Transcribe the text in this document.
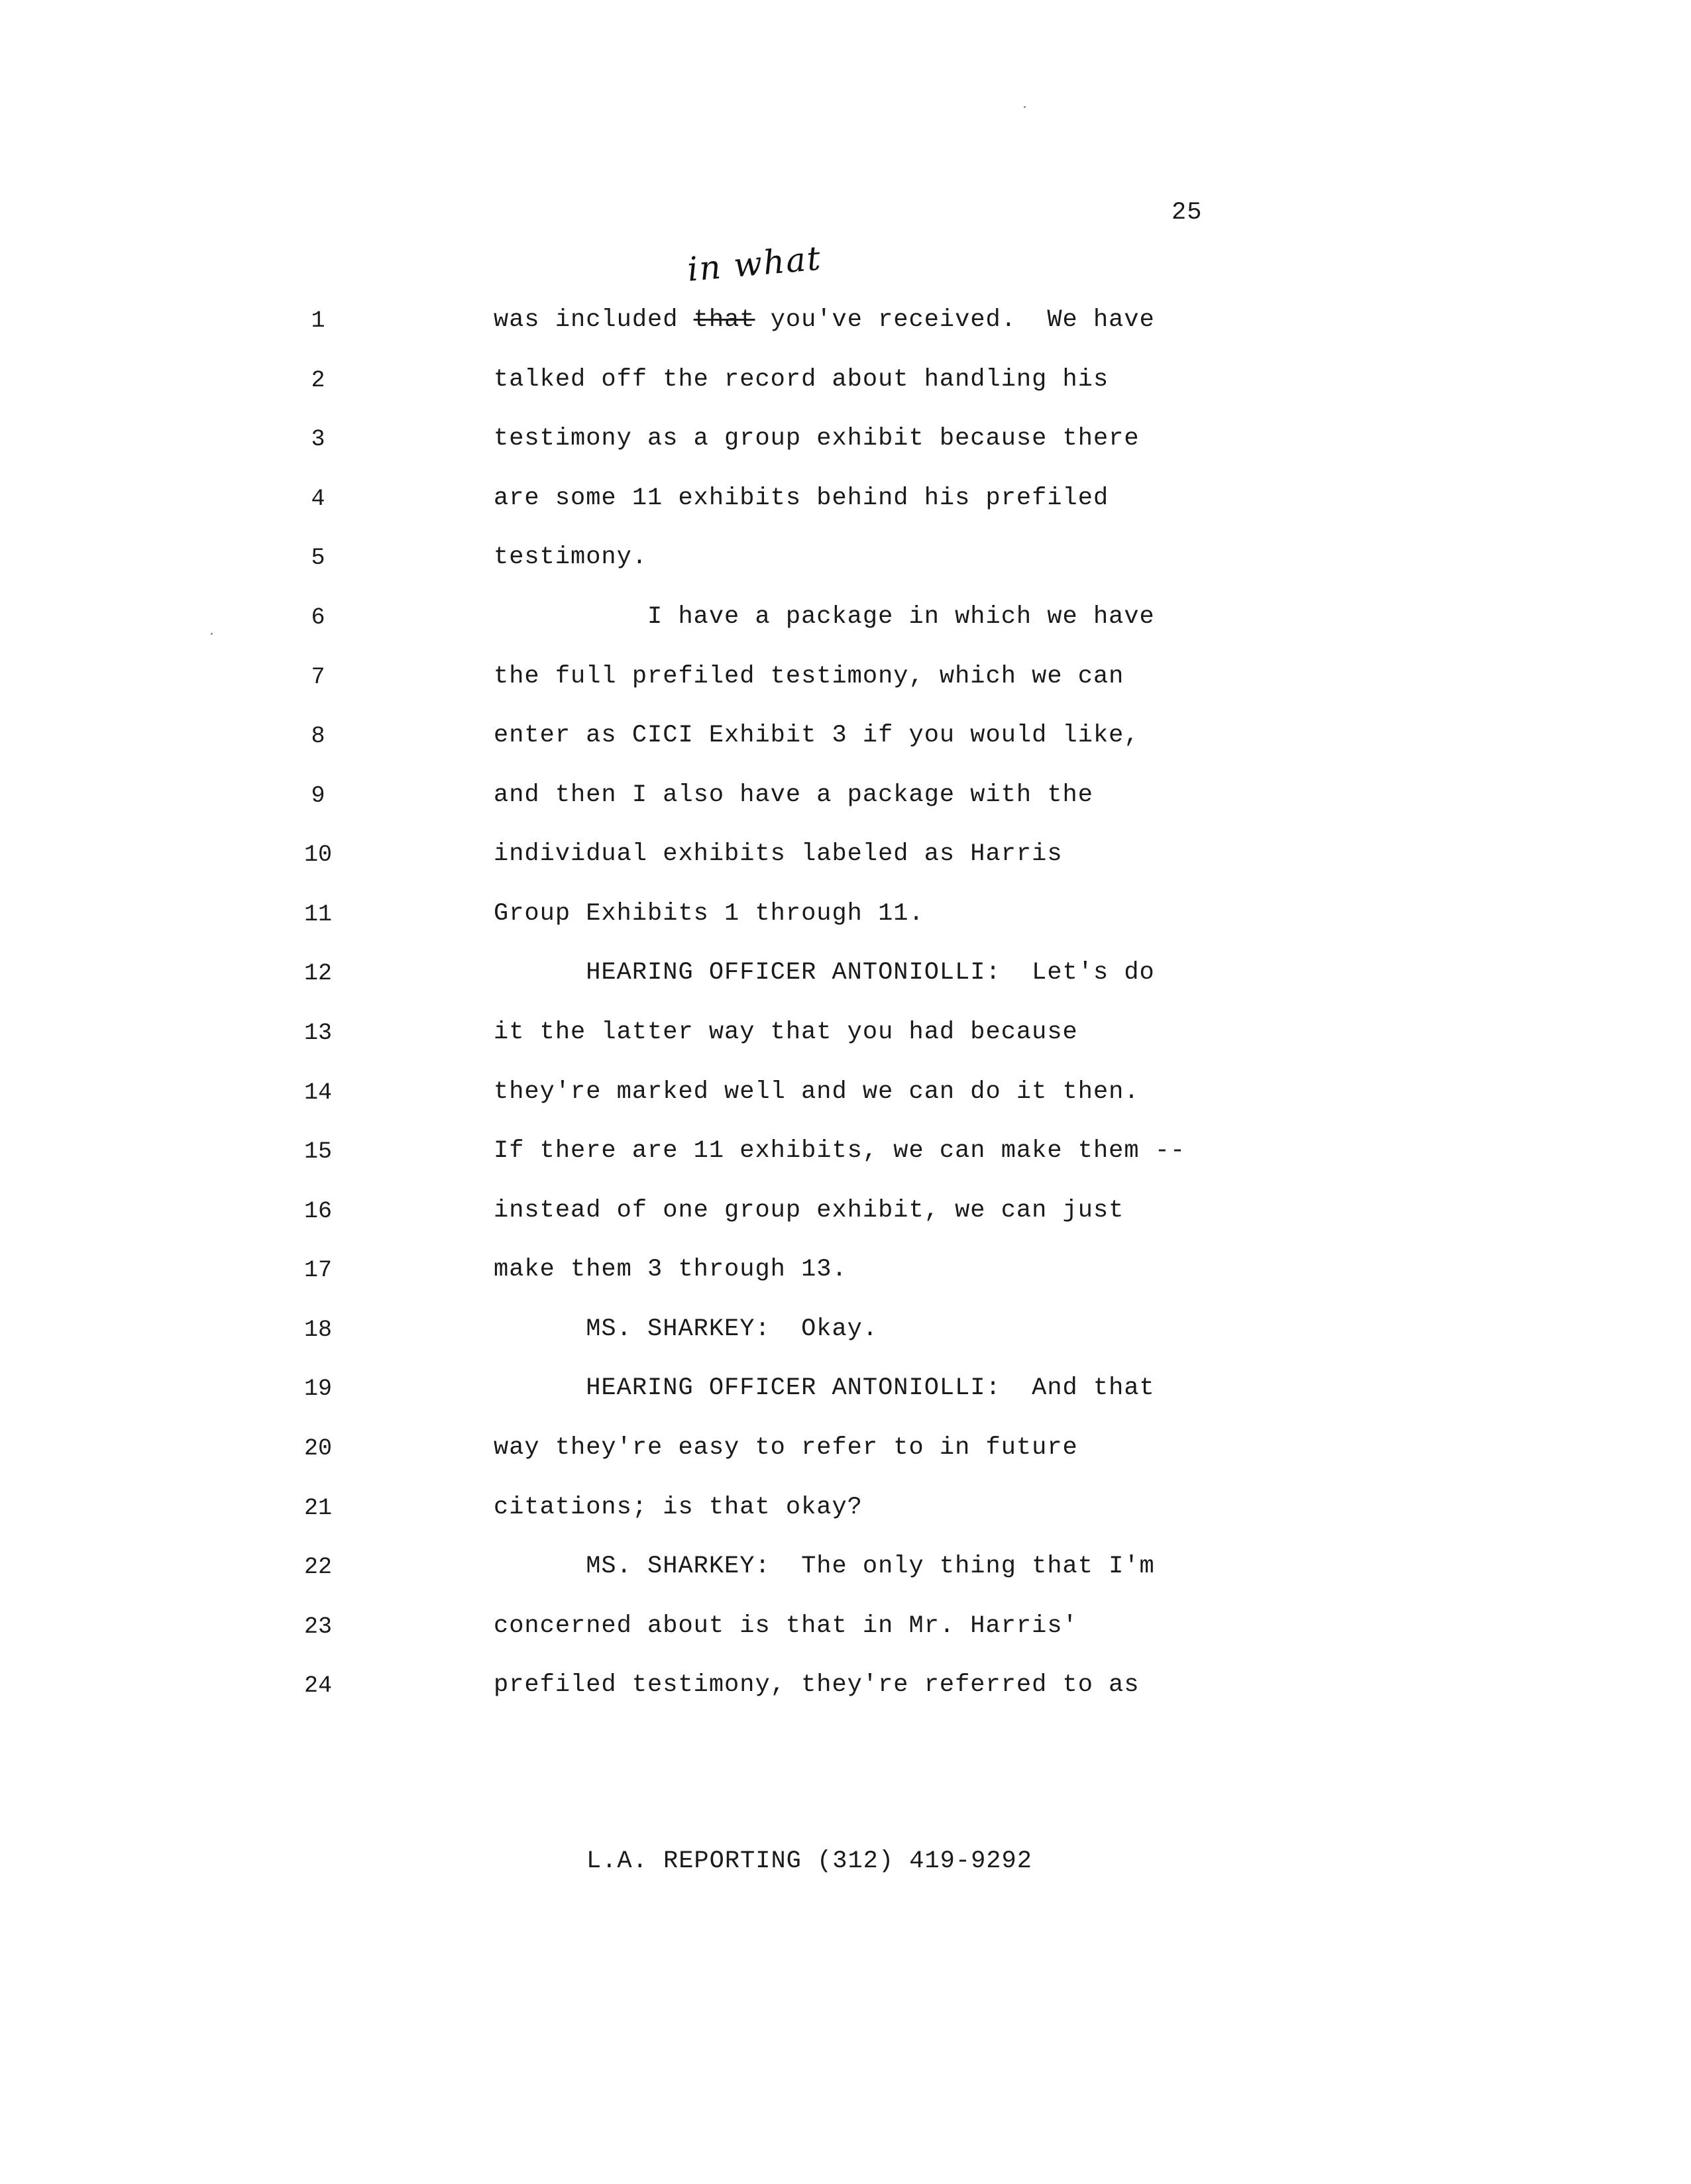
25
in what
1	was included that you've received.  We have
2	talked off the record about handling his
3	testimony as a group exhibit because there
4	are some 11 exhibits behind his prefiled
5	testimony.
6	I have a package in which we have
7	the full prefiled testimony, which we can
8	enter as CICI Exhibit 3 if you would like,
9	and then I also have a package with the
10	individual exhibits labeled as Harris
11	Group Exhibits 1 through 11.
12	HEARING OFFICER ANTONIOLLI:  Let's do
13	it the latter way that you had because
14	they're marked well and we can do it then.
15	If there are 11 exhibits, we can make them --
16	instead of one group exhibit, we can just
17	make them 3 through 13.
18	MS. SHARKEY:  Okay.
19	HEARING OFFICER ANTONIOLLI:  And that
20	way they're easy to refer to in future
21	citations; is that okay?
22	MS. SHARKEY:  The only thing that I'm
23	concerned about is that in Mr. Harris'
24	prefiled testimony, they're referred to as
L.A. REPORTING (312) 419-9292
